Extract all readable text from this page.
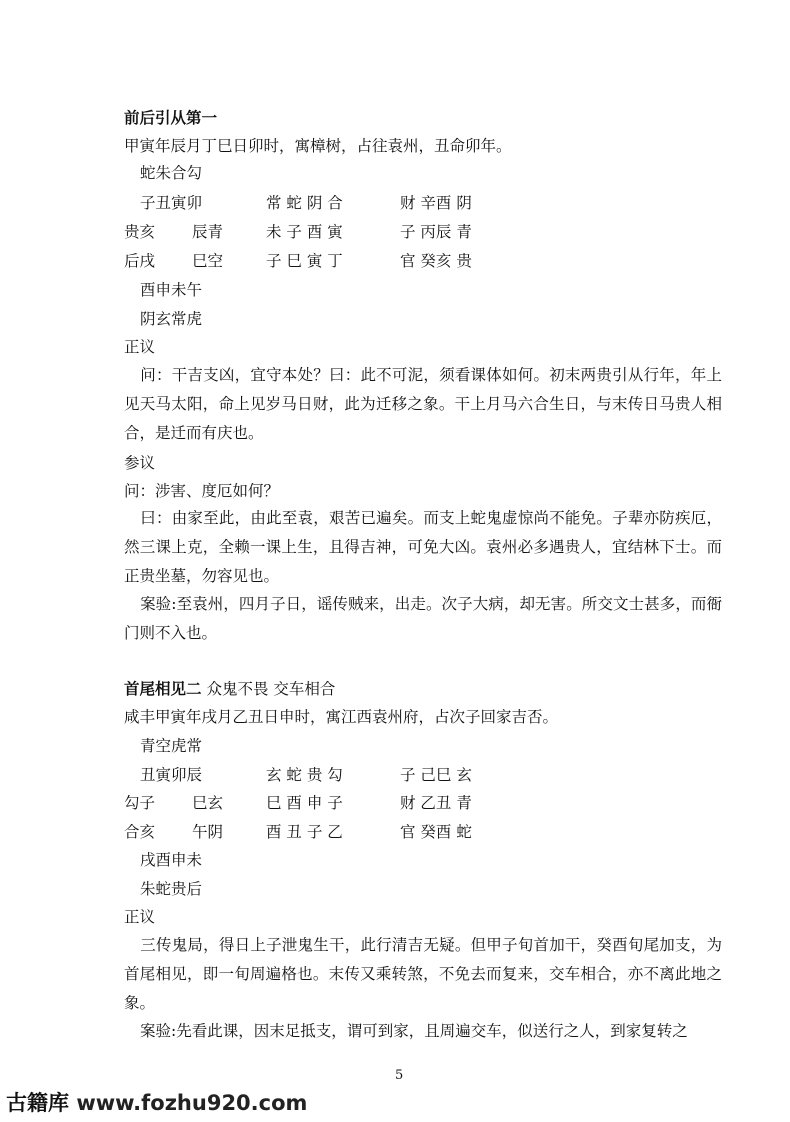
前后引从第一
甲寅年辰月丁巳日卯时，寓樟树，占往袁州，丑命卯年。
蛇朱合勾
子丑寅卯
贵亥 辰青
后戌 巳空
常 蛇 阴 合
未 子 酉 寅
子 巳 寅 丁
财 辛酉 阴
子 丙辰 青
官 癸亥 贵
酉申未午
阴玄常虎
正议
问：干吉支凶，宜守本处？曰：此不可泥，须看课体如何。初末两贵引从行年，年上见天马太阳，命上见岁马日财，此为迁移之象。干上月马六合生日，与末传日马贵人相合，是迁而有庆也。
参议
问：涉害、度厄如何？
曰：由家至此，由此至袁，艰苦已遍矣。而支上蛇鬼虚惊尚不能免。子辈亦防疾厄，然三课上克，全赖一课上生，且得吉神，可免大凶。袁州必多遇贵人，宜结林下士。而正贵坐墓，勿容见也。
案验:至袁州，四月子日，谣传贼来，出走。次子大病，却无害。所交文士甚多，而衙门则不入也。
首尾相见二 众鬼不畏 交车相合
咸丰甲寅年戌月乙丑日申时，寓江西袁州府，占次子回家吉否。
青空虎常
丑寅卯辰
勾子 巳玄
合亥 午阴
玄 蛇 贵 勾
巳 酉 申 子
酉 丑 子 乙
子 己巳 玄
财 乙丑 青
官 癸酉 蛇
戌酉申未
朱蛇贵后
正议
三传鬼局，得日上子泄鬼生干，此行清吉无疑。但甲子旬首加干，癸酉旬尾加支，为首尾相见，即一旬周遍格也。末传又乘转煞，不免去而复来，交车相合，亦不离此地之象。
案验:先看此课，因末足抵支，谓可到家，且周遍交车，似送行之人，到家复转之
5
古籍库 www.fozhu920.com
